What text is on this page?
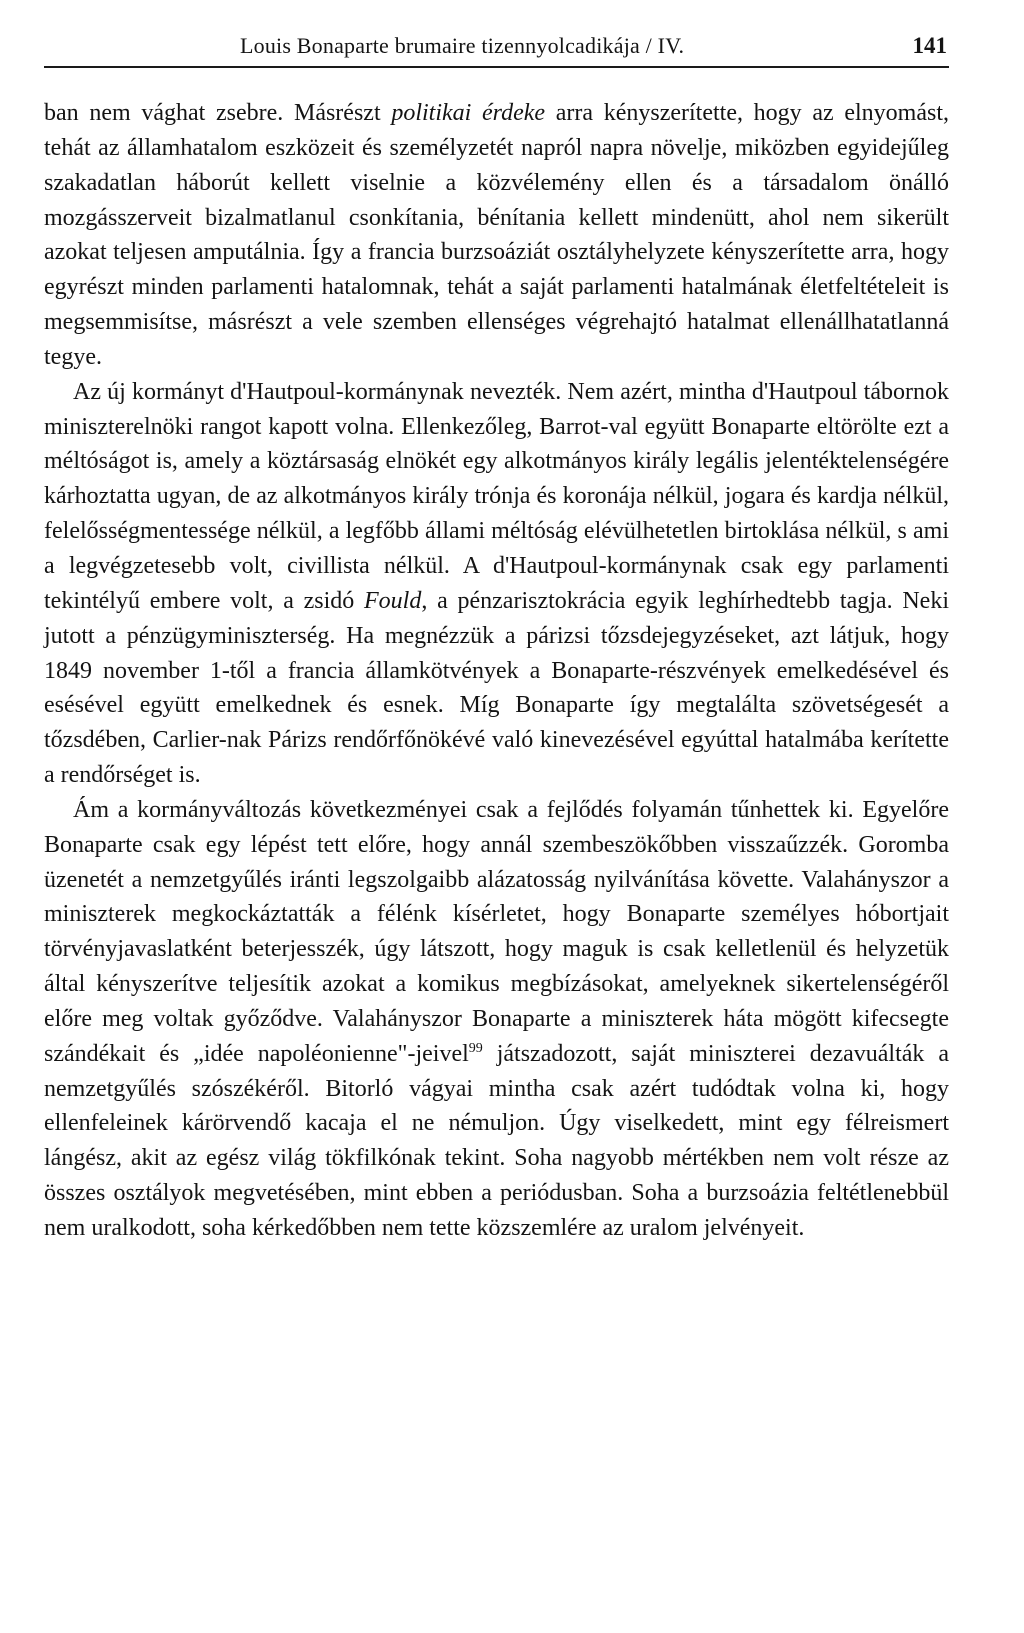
Louis Bonaparte brumaire tizennyolcadikája / IV.	141

ban nem vághat zsebre. Másrészt politikai érdeke arra kényszerítette, hogy az elnyomást, tehát az államhatalom eszközeit és személyzetét napról napra növelje, miközben egyidejűleg szakadatlan háborút kellett viselnie a közvélemény ellen és a társadalom önálló mozgásszerveit bizalmatlanul csonkítania, bénítania kellett mindenütt, ahol nem sikerült azokat teljesen amputálnia. Így a francia burzsoáziát osztályhelyzete kényszerítette arra, hogy egyrészt minden parlamenti hatalomnak, tehát a saját parlamenti hatalmának életfeltételeit is megsemmisítse, másrészt a vele szemben ellenséges végrehajtó hatalmat ellenállhatatlanná tegye.

Az új kormányt d'Hautpoul-kormánynak nevezték. Nem azért, mintha d'Hautpoul tábornok miniszterelnöki rangot kapott volna. Ellenkezőleg, Barrot-val együtt Bonaparte eltörölte ezt a méltóságot is, amely a köztársaság elnökét egy alkotmányos király legális jelentéktelenségére kárhoztatta ugyan, de az alkotmányos király trónja és koronája nélkül, jogara és kardja nélkül, felelősségmentessége nélkül, a legfőbb állami méltóság elévülhetetlen birtoklása nélkül, s ami a legvégzetesebb volt, civillista nélkül. A d'Hautpoul-kormánynak csak egy parlamenti tekintélyű embere volt, a zsidó Fould, a pénzarisztokrácia egyik leghírhedtebb tagja. Neki jutott a pénzügyminiszterség. Ha megnézzük a párizsi tőzsdejegyzéseket, azt látjuk, hogy 1849 november 1-től a francia államkötvények a Bonaparte-részvények emelkedésével és esésével együtt emelkednek és esnek. Míg Bonaparte így megtalálta szövetségesét a tőzsdében, Carlier-nak Párizs rendőrfőnökévé való kinevezésével egyúttal hatalmába kerítette a rendőrséget is.

Ám a kormányváltozás következményei csak a fejlődés folyamán tűnhettek ki. Egyelőre Bonaparte csak egy lépést tett előre, hogy annál szembeszökőbben visszaűzzék. Goromba üzenetét a nemzetgyűlés iránti legszolgaibb alázatosság nyilvánítása követte. Valahányszor a miniszterek megkockáztatták a félénk kísérletet, hogy Bonaparte személyes hóbortjait törvényjavaslatként beterjesszék, úgy látszott, hogy maguk is csak kelletlenül és helyzetük által kényszerítve teljesítik azokat a komikus megbízásokat, amelyeknek sikertelenségéről előre meg voltak győződve. Valahányszor Bonaparte a miniszterek háta mögött kifecsegte szándékait és „idée napoléonienne"-jeivel$^{99}$ játszadozott, saját miniszterei dezavuálták a nemzetgyűlés szószékéről. Bitorló vágyai mintha csak azért tudódtak volna ki, hogy ellenfeleinek kárörvendő kacaja el ne némuljon. Úgy viselkedett, mint egy félreismert lángész, akit az egész világ tökfilkónak tekint. Soha nagyobb mértékben nem volt része az összes osztályok megvetésében, mint ebben a periódusban. Soha a burzsoázia feltétlenebbül nem uralkodott, soha kérkedőbben nem tette közszemlére az uralom jelvényeit.
